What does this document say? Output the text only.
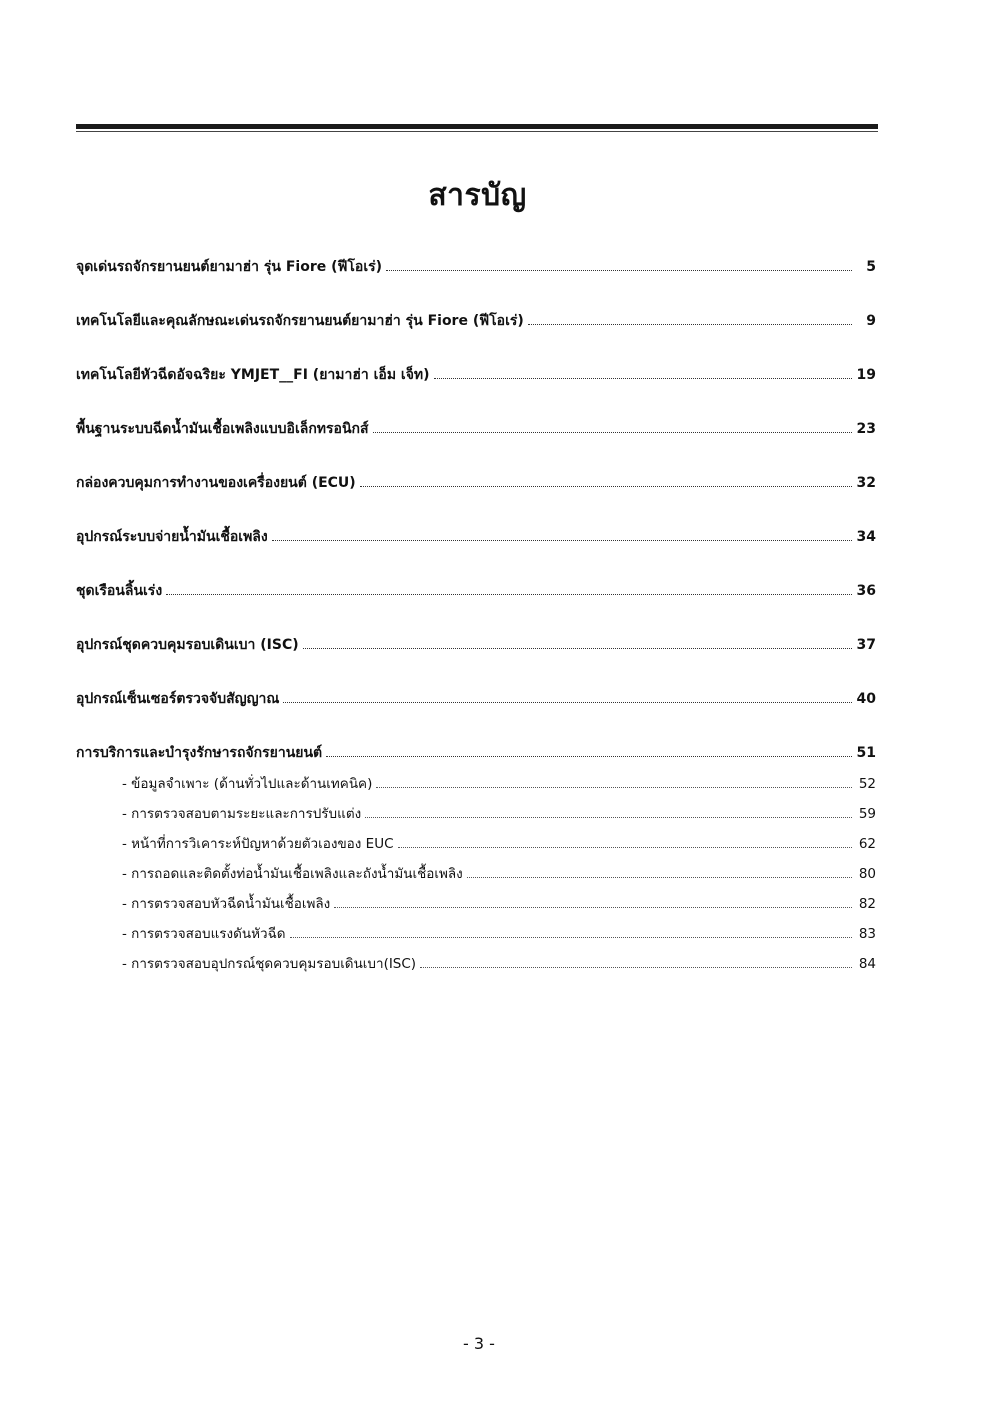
สารบัญ
จุดเด่นรถจักรยานยนต์ยามาฮ่า รุ่น Fiore (ฟีโอเร่)	5
เทคโนโลยีและคุณลักษณะเด่นรถจักรยานยนต์ยามาฮ่า รุ่น Fiore (ฟีโอเร่)	9
เทคโนโลยีหัวฉีดอัจฉริยะ YMJET__FI (ยามาฮ่า เอ็ม เจ็ท)	19
พื้นฐานระบบฉีดน้ำมันเชื้อเพลิงแบบอิเล็กทรอนิกส์	23
กล่องควบคุมการทำงานของเครื่องยนต์ (ECU)	32
อุปกรณ์ระบบจ่ายน้ำมันเชื้อเพลิง	34
ชุดเรือนลิ้นเร่ง	36
อุปกรณ์ชุดควบคุมรอบเดินเบา (ISC)	37
อุปกรณ์เซ็นเซอร์ตรวจจับสัญญาณ	40
การบริการและบำรุงรักษารถจักรยานยนต์	51
- ข้อมูลจำเพาะ (ด้านทั่วไปและด้านเทคนิค)	52
- การตรวจสอบตามระยะและการปรับแต่ง	59
- หน้าที่การวิเคาระห์ปัญหาด้วยตัวเองของ EUC	62
- การถอดและติดตั้งท่อน้ำมันเชื้อเพลิงและถังน้ำมันเชื้อเพลิง	80
- การตรวจสอบหัวฉีดน้ำมันเชื้อเพลิง	82
- การตรวจสอบแรงดันหัวฉีด	83
- การตรวจสอบอุปกรณ์ชุดควบคุมรอบเดินเบา(ISC)	84
- 3 -
